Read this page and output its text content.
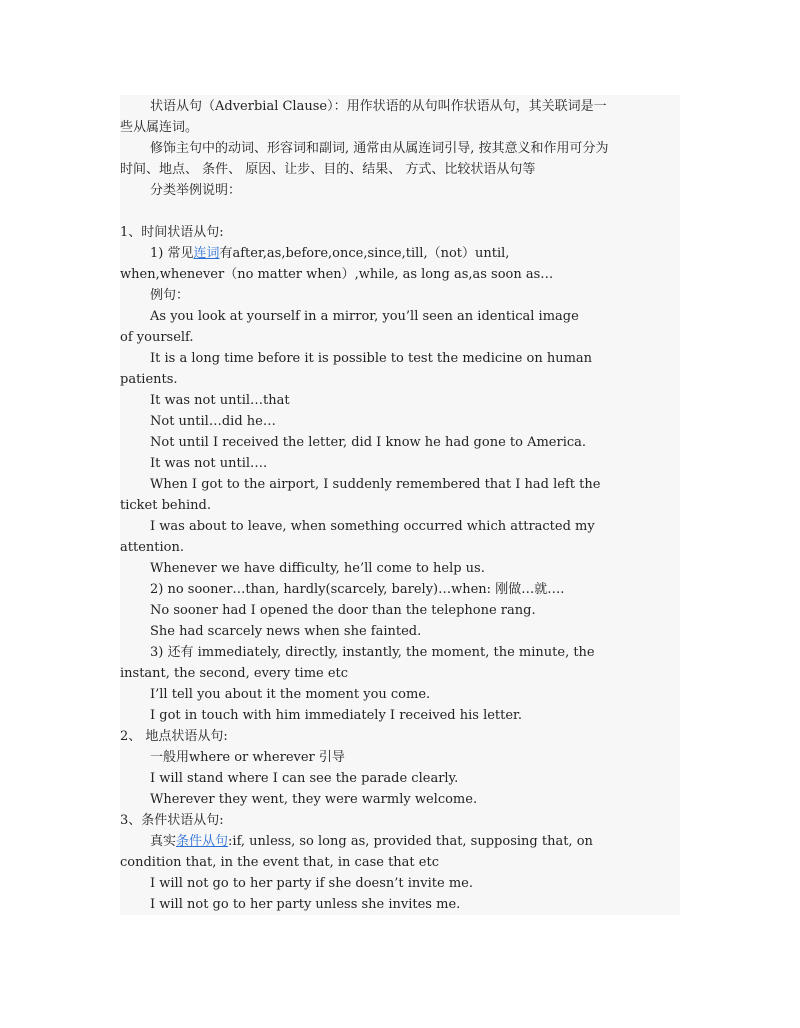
状语从句（Adverbial Clause）：用作状语的从句叫作状语从句，其关联词是一
些从属连词。
修饰主句中的动词、形容词和副词, 通常由从属连词引导, 按其意义和作用可分为
时间、地点、 条件、 原因、让步、目的、结果、 方式、比较状语从句等
分类举例说明：
1、时间状语从句:
1) 常见连词有after,as,before,once,since,till,（not）until,
when,whenever（no matter when）,while, as long as,as soon as…
例句：
As you look at yourself in a mirror, you’ll seen an identical image
of yourself.
It is a long time before it is possible to test the medicine on human
patients.
It was not until…that
Not until…did he…
Not until I received the letter, did I know he had gone to America.
It was not until….
When I got to the airport, I suddenly remembered that I had left the
ticket behind.
I was about to leave, when something occurred which attracted my
attention.
Whenever we have difficulty, he’ll come to help us.
2) no sooner…than, hardly(scarcely, barely)…when: 刚做…就….
No sooner had I opened the door than the telephone rang.
She had scarcely news when she fainted.
3) 还有 immediately, directly, instantly, the moment, the minute, the
instant, the second, every time etc
I’ll tell you about it the moment you come.
I got in touch with him immediately I received his letter.
2、 地点状语从句:
一般用where or wherever 引导
I will stand where I can see the parade clearly.
Wherever they went, they were warmly welcome.
3、条件状语从句:
真实条件从句:if, unless, so long as, provided that, supposing that, on
condition that, in the event that, in case that etc
I will not go to her party if she doesn’t invite me.
I will not go to her party unless she invites me.
